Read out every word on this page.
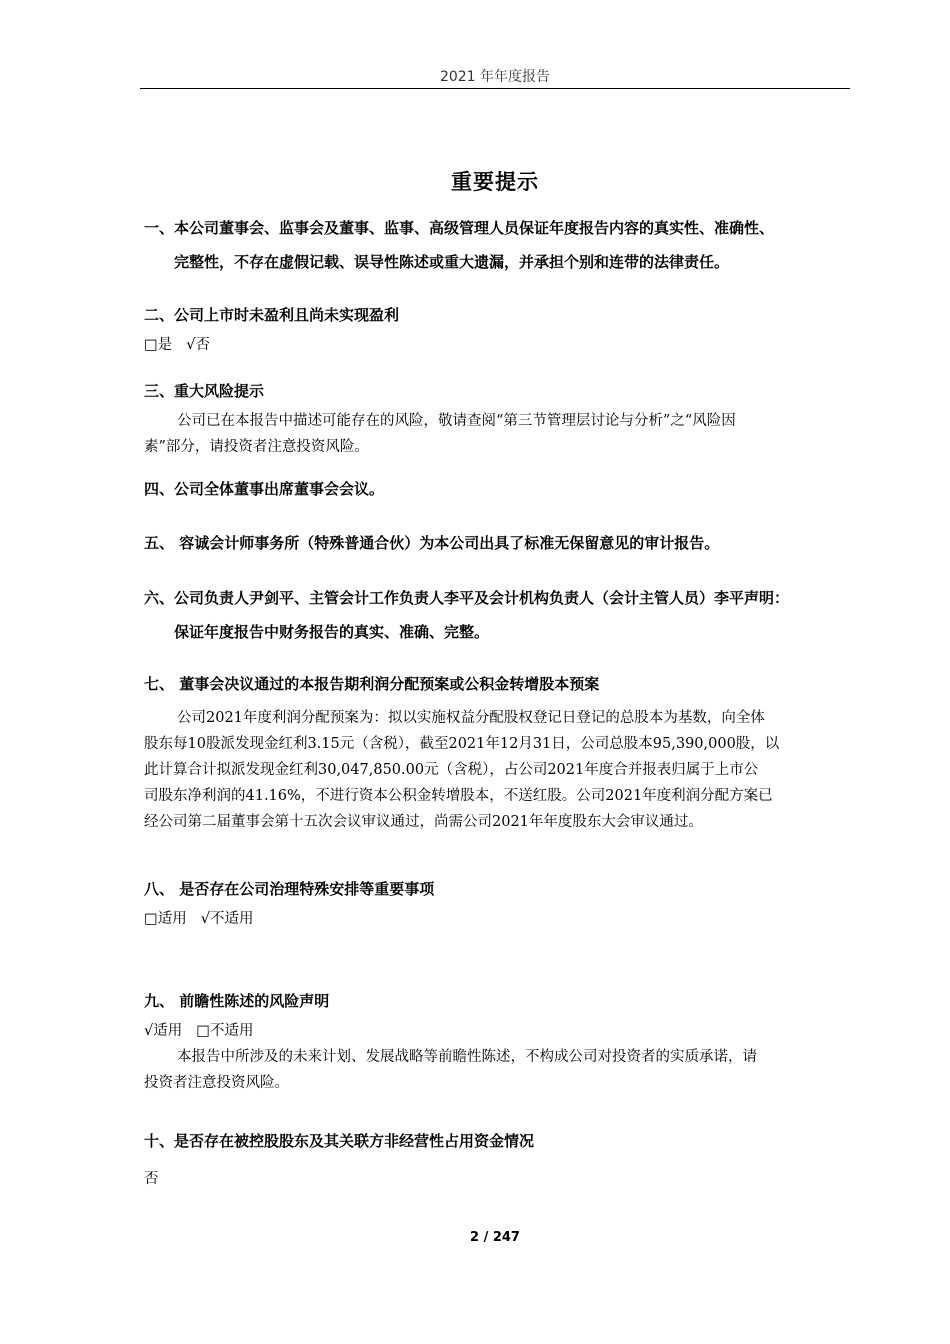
2021 年年度报告
重要提示
一、本公司董事会、监事会及董事、监事、高级管理人员保证年度报告内容的真实性、准确性、
完整性，不存在虚假记载、误导性陈述或重大遗漏，并承担个别和连带的法律责任。
二、公司上市时未盈利且尚未实现盈利
□是 √否
三、重大风险提示
公司已在本报告中描述可能存在的风险，敬请查阅“第三节管理层讨论与分析”之“风险因
素”部分，请投资者注意投资风险。
四、公司全体董事出席董事会会议。
五、 容诚会计师事务所（特殊普通合伙）为本公司出具了标准无保留意见的审计报告。
六、公司负责人尹剑平、主管会计工作负责人李平及会计机构负责人（会计主管人员）李平声明：
保证年度报告中财务报告的真实、准确、完整。
七、 董事会决议通过的本报告期利润分配预案或公积金转增股本预案
公司2021年度利润分配预案为：拟以实施权益分配股权登记日登记的总股本为基数，向全体
股东每10股派发现金红利3.15元（含税），截至2021年12月31日，公司总股本95,390,000股，以
此计算合计拟派发现金红利30,047,850.00元（含税），占公司2021年度合并报表归属于上市公
司股东净利润的41.16%，不进行资本公积金转增股本，不送红股。公司2021年度利润分配方案已
经公司第二届董事会第十五次会议审议通过，尚需公司2021年年度股东大会审议通过。
八、 是否存在公司治理特殊安排等重要事项
□适用 √不适用
九、 前瞻性陈述的风险声明
√适用 □不适用
本报告中所涉及的未来计划、发展战略等前瞻性陈述，不构成公司对投资者的实质承诺，请
投资者注意投资风险。
十、是否存在被控股股东及其关联方非经营性占用资金情况
否
2 / 247
